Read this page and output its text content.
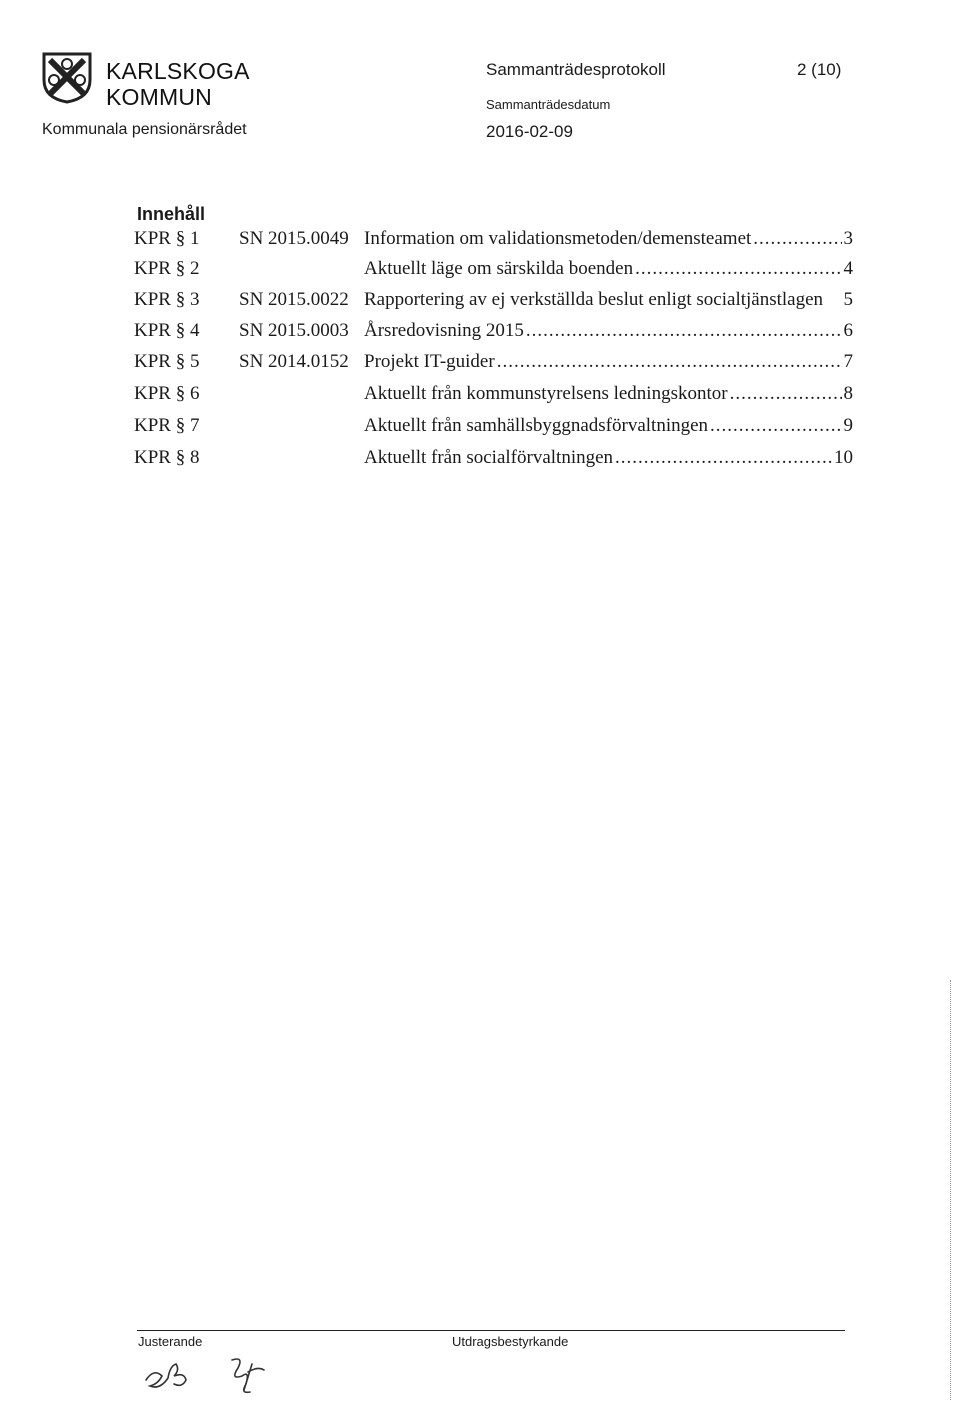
KARLSKOGA
KOMMUN
Kommunala pensionärsrådet
Sammanträdesprotokoll	2 (10)
Sammanträdesdatum
2016-02-09
Innehåll
KPR § 1 SN 2015.0049 Information om validationsmetoden/demensteamet .....	3
KPR § 2	Aktuellt läge om särskilda boenden .....	4
KPR § 3 SN 2015.0022 Rapportering av ej verkställda beslut enligt socialtjänstlagen 5
KPR § 4 SN 2015.0003 Årsredovisning 2015 .....	6
KPR § 5 SN 2014.0152 Projekt IT-guider .....	7
KPR § 6	Aktuellt från kommunstyrelsens ledningskontor .....	8
KPR § 7	Aktuellt från samhällsbyggnadsförvaltningen .....	9
KPR § 8	Aktuellt från socialförvaltningen .....	10
Justerande	Utdragsbestyrkande
